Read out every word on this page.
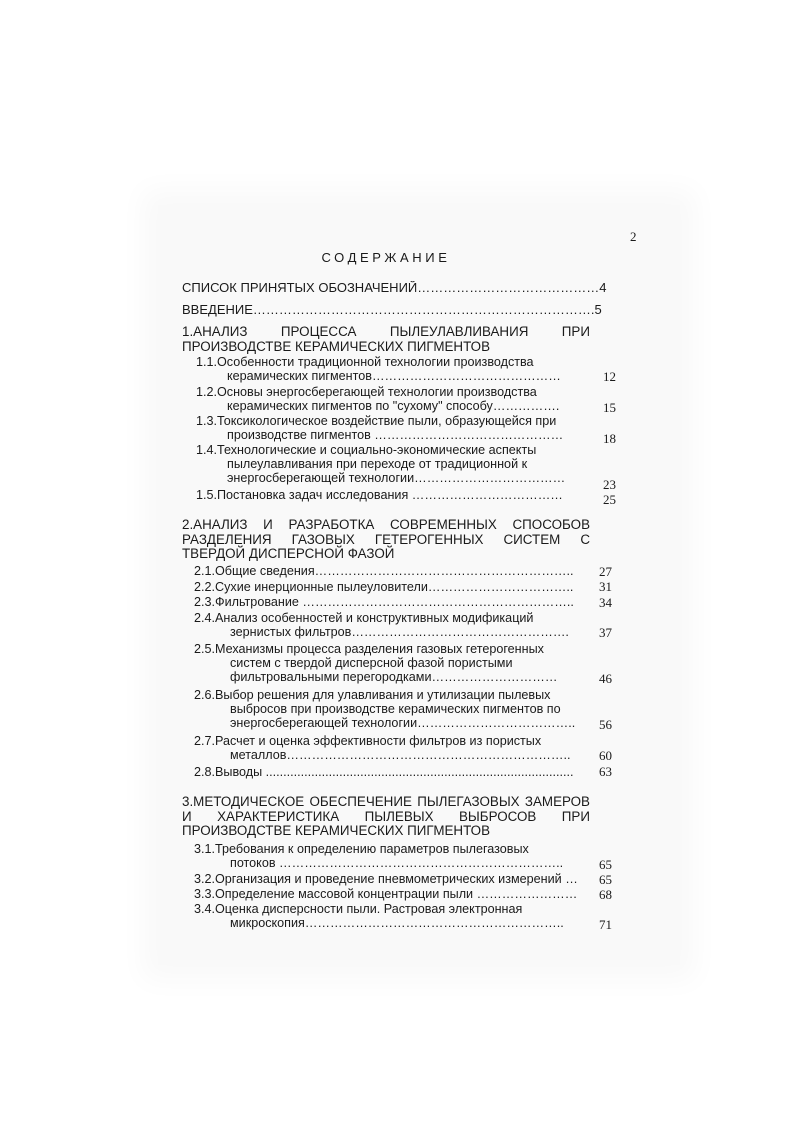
2
СОДЕРЖАНИЕ
СПИСОК ПРИНЯТЫХ ОБОЗНАЧЕНИЙ……………………………………4
ВВЕДЕНИЕ…………………………………………………………………….5
1.АНАЛИЗ ПРОЦЕССА ПЫЛЕУЛАВЛИВАНИЯ ПРИ ПРОИЗВОДСТВЕ КЕРАМИЧЕСКИХ ПИГМЕНТОВ
1.1.Особенности традиционной технологии производства
керамических пигментов………………………………………	12
1.2.Основы энергосберегающей технологии производства
керамических пигментов по "сухому" способу…………….	15
1.3.Токсикологическое воздействие пыли, образующейся при
производстве пигментов ………………………………………	18
1.4.Технологические и социально-экономические аспекты
пылеулавливания при переходе от традиционной к
энергосберегающей технологии………………………………	23
1.5.Постановка задач исследования ………………………………	25
2.АНАЛИЗ И РАЗРАБОТКА СОВРЕМЕННЫХ СПОСОБОВ РАЗДЕЛЕНИЯ ГАЗОВЫХ ГЕТЕРОГЕННЫХ СИСТЕМ С ТВЕРДОЙ ДИСПЕРСНОЙ ФАЗОЙ
2.1.Общие сведения……………………………………………………..	27
2.2.Сухие инерционные пылеуловители……………………………..	31
2.3.Фильтрование ………………………………………………………..	34
2.4.Анализ особенностей и конструктивных модификаций
зернистых фильтров…………………………………………….	37
2.5.Механизмы процесса разделения газовых гетерогенных
систем с твердой дисперсной фазой пористыми
фильтровальными перегородками…………………………	46
2.6.Выбор решения для улавливания и утилизации пылевых
выбросов при производстве керамических пигментов по
энергосберегающей технологии………………………………..	56
2.7.Расчет и оценка эффективности фильтров из пористых
металлов…………………………………………………………..	60
2.8.Выводы ........................................................................................	63
3.МЕТОДИЧЕСКОЕ ОБЕСПЕЧЕНИЕ ПЫЛЕГАЗОВЫХ ЗАМЕРОВ И ХАРАКТЕРИСТИКА ПЫЛЕВЫХ ВЫБРОСОВ ПРИ ПРОИЗВОДСТВЕ КЕРАМИЧЕСКИХ ПИГМЕНТОВ
3.1.Требования к определению параметров пылегазовых
потоков …………………………………………………………..	65
3.2.Организация и проведение пневмометрических измерений …	65
3.3.Определение массовой концентрации пыли ……………………	68
3.4.Оценка дисперсности пыли. Растровая электронная
микроскопия……………………………………………………..	71
